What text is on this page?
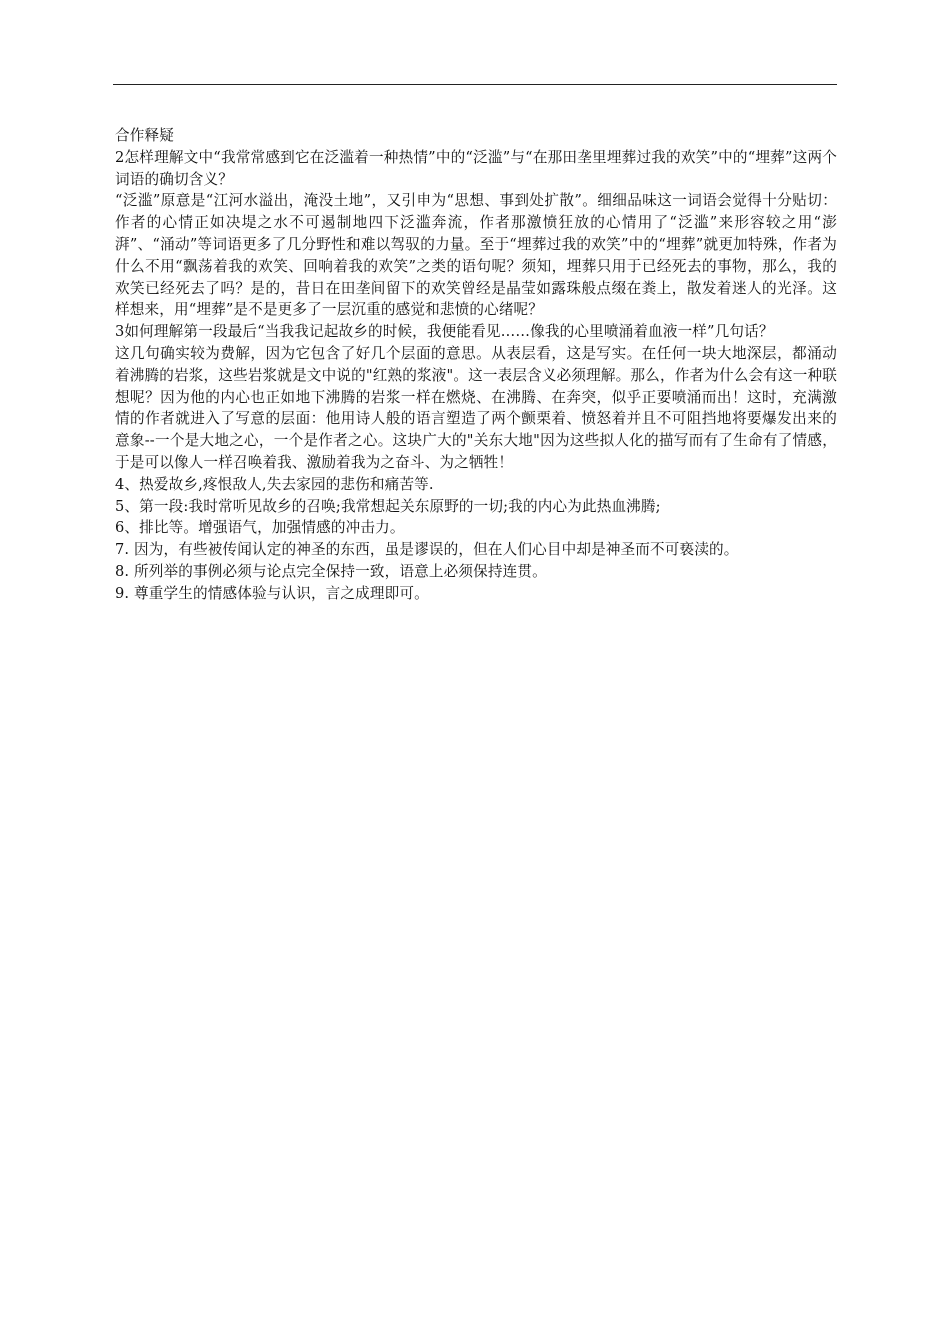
合作释疑

2怎样理解文中“我常常感到它在泛滥着一种热情”中的“泛滥”与“在那田垄里埋葬过我的欢笑”中的“埋葬”这两个词语的确切含义？

“泛滥”原意是“江河水溢出，淹没土地”，又引申为“思想、事到处扩散”。细细品味这一词语会觉得十分贴切：作者的心情正如决堤之水不可遏制地四下泛滥奔流，作者那激愤狂放的心情用了“泛滥”来形容较之用“澎湃”、“涌动”等词语更多了几分野性和难以驾驭的力量。至于“埋葬过我的欢笑”中的“埋葬”就更加特殊，作者为什么不用“飘荡着我的欢笑、回响着我的欢笑”之类的语句呢？须知，埋葬只用于已经死去的事物，那么，我的欢笑已经死去了吗？是的，昔日在田垄间留下的欢笑曾经是晶莹如露珠般点缀在粪上，散发着迷人的光泽。这样想来，用“埋葬”是不是更多了一层沉重的感觉和悲愤的心绪呢？

3如何理解第一段最后“当我我记起故乡的时候，我便能看见……像我的心里喷涌着血液一样”几句话？

这几句确实较为费解，因为它包含了好几个层面的意思。从表层看，这是写实。在任何一块大地深层，都涌动着沸腾的岩浆，这些岩浆就是文中说的"红熟的浆液"。这一表层含义必须理解。那么，作者为什么会有这一种联想呢？因为他的内心也正如地下沸腾的岩浆一样在燃烧、在沸腾、在奔突，似乎正要喷涌而出！这时，充满激情的作者就进入了写意的层面：他用诗人般的语言塑造了两个颤栗着、愤怒着并且不可阻挡地将要爆发出来的意象--一个是大地之心，一个是作者之心。这块广大的"关东大地"因为这些拟人化的描写而有了生命有了情感，于是可以像人一样召唤着我、激励着我为之奋斗、为之牺牲！

4、热爱故乡,疼恨敌人,失去家园的悲伤和痛苦等.

5、第一段:我时常听见故乡的召唤;我常想起关东原野的一切;我的内心为此热血沸腾;

6、排比等。增强语气，加强情感的冲击力。

7. 因为，有些被传闻认定的神圣的东西，虽是谬误的，但在人们心目中却是神圣而不可亵渎的。

8. 所列举的事例必须与论点完全保持一致，语意上必须保持连贯。

9. 尊重学生的情感体验与认识，言之成理即可。
